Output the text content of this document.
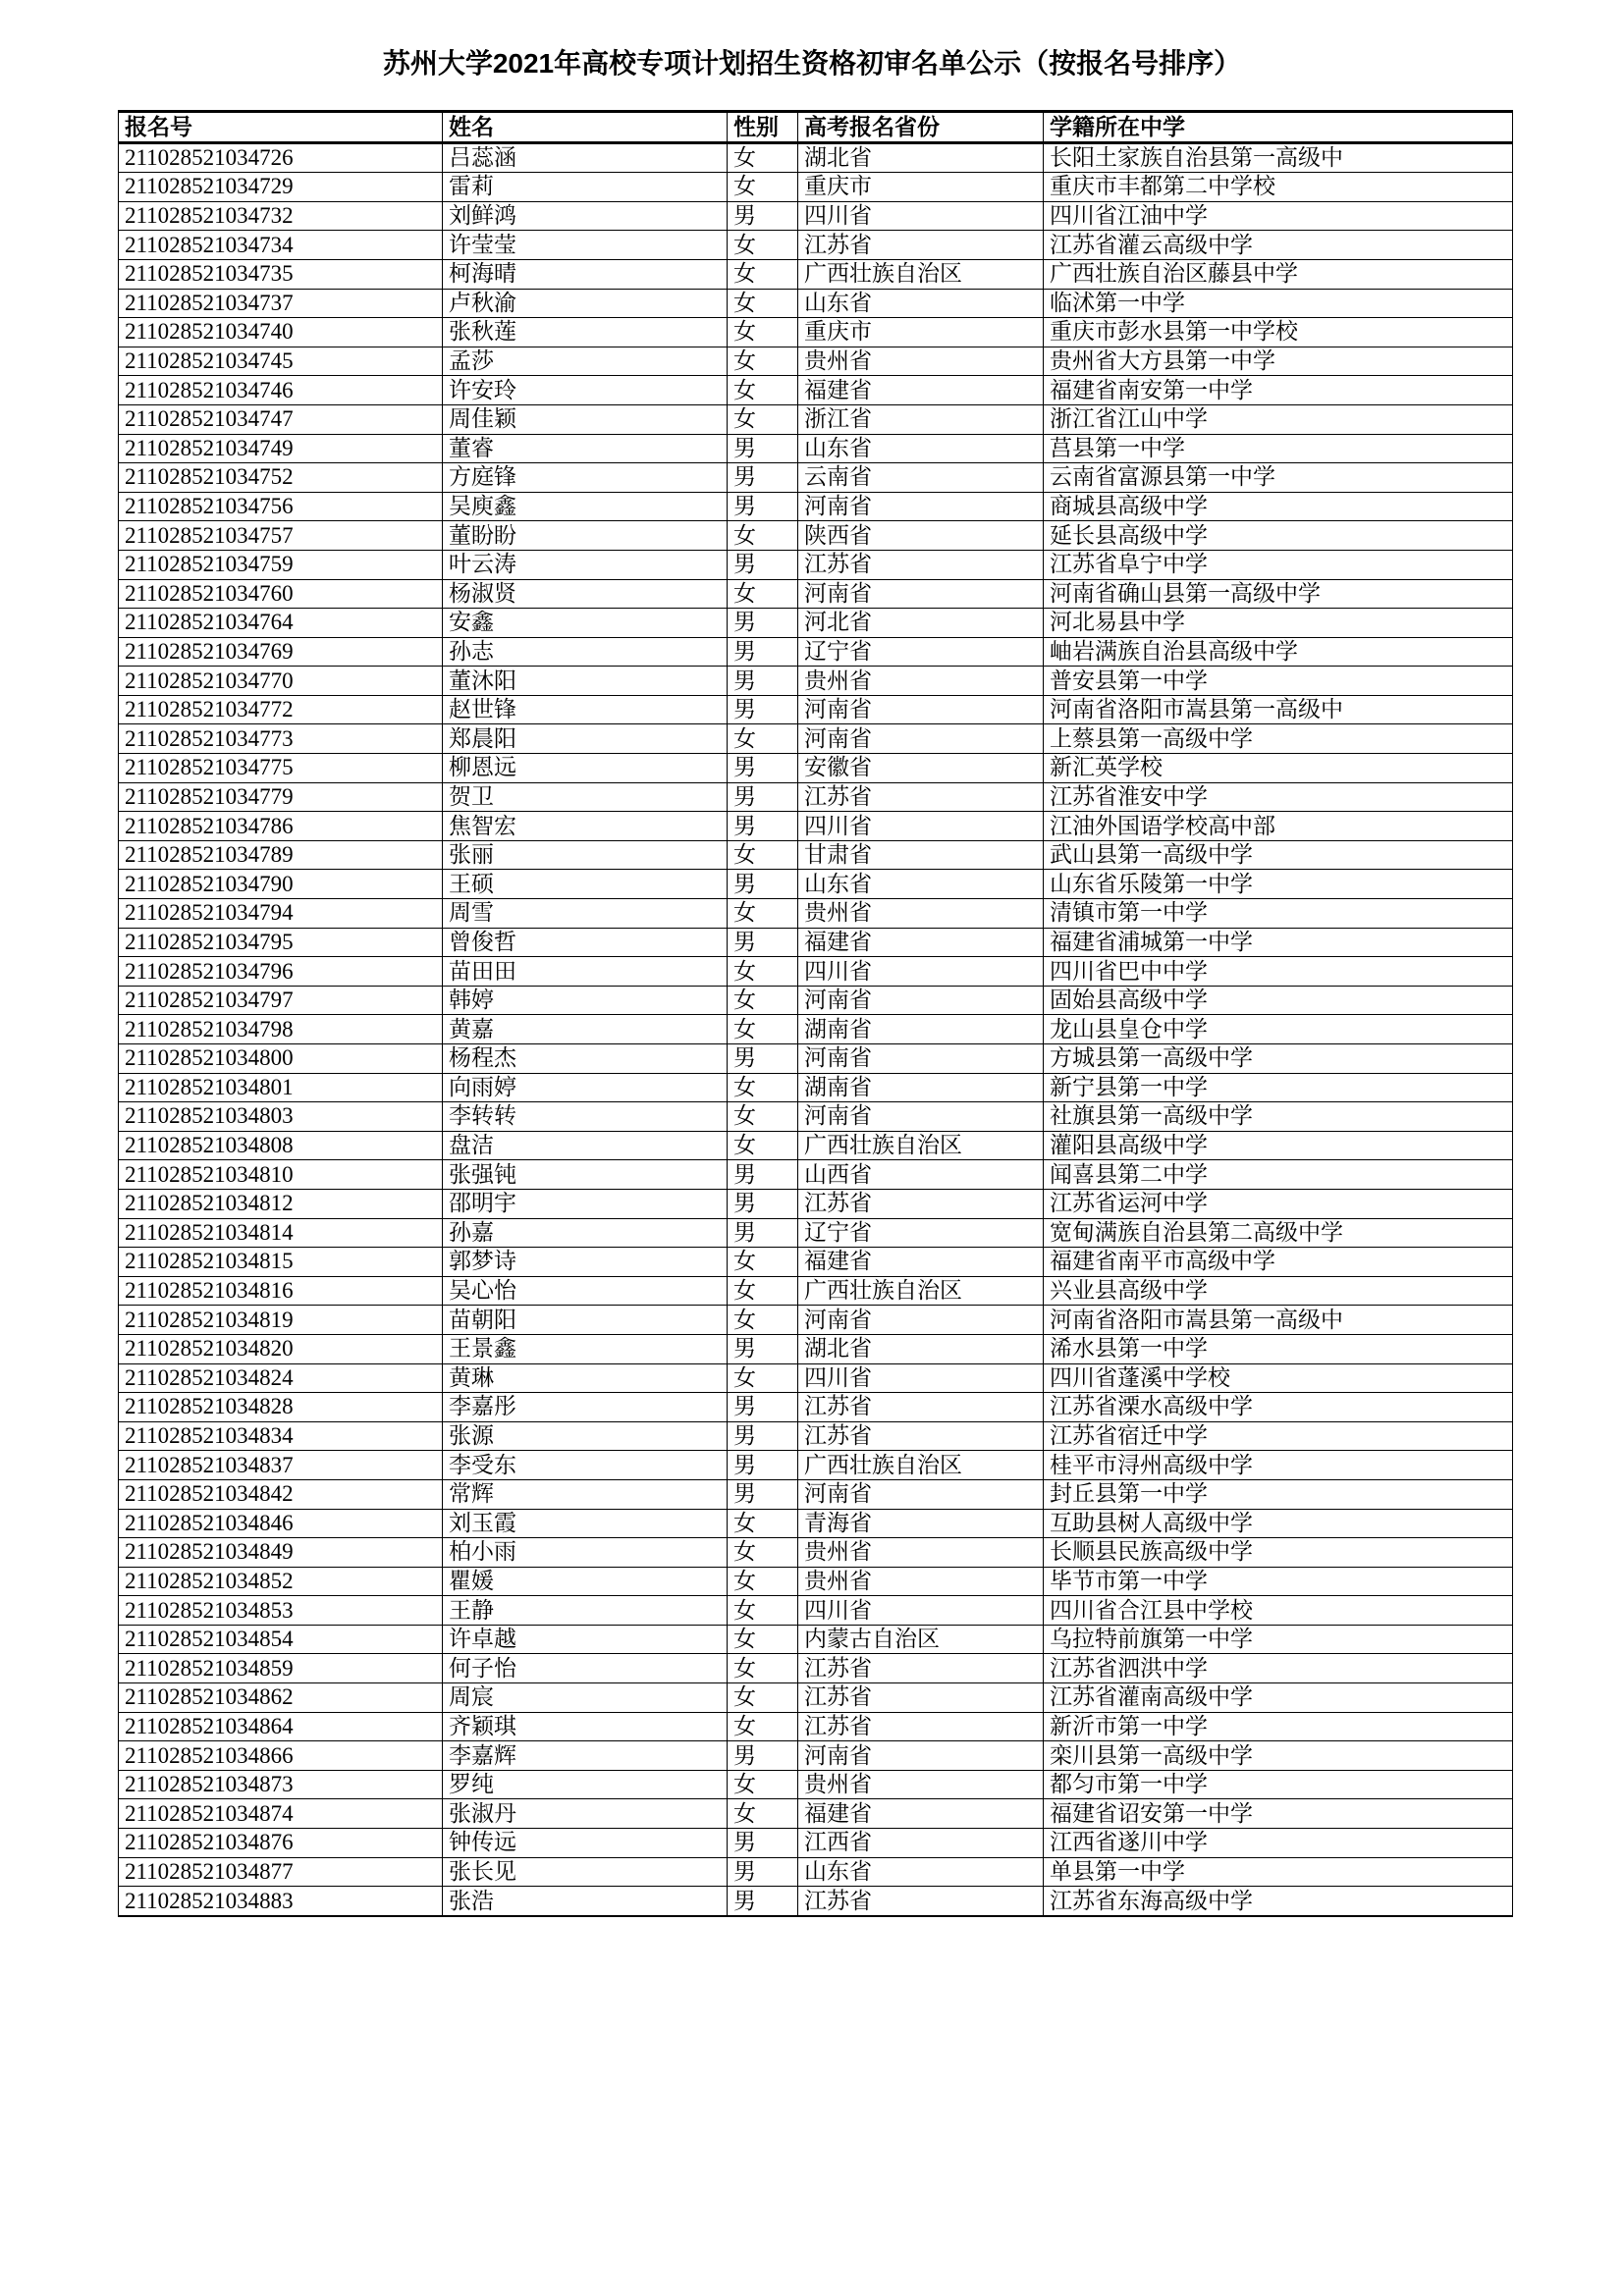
苏州大学2021年高校专项计划招生资格初审名单公示（按报名号排序）
报名号	姓名	性别	高考报名省份	学籍所在中学
211028521034726	吕蕊涵	女	湖北省	长阳土家族自治县第一高级中
211028521034729	雷莉	女	重庆市	重庆市丰都第二中学校
211028521034732	刘鲜鸿	男	四川省	四川省江油中学
211028521034734	许莹莹	女	江苏省	江苏省灌云高级中学
211028521034735	柯海晴	女	广西壮族自治区	广西壮族自治区藤县中学
211028521034737	卢秋渝	女	山东省	临沭第一中学
211028521034740	张秋莲	女	重庆市	重庆市彭水县第一中学校
211028521034745	孟莎	女	贵州省	贵州省大方县第一中学
211028521034746	许安玲	女	福建省	福建省南安第一中学
211028521034747	周佳颖	女	浙江省	浙江省江山中学
211028521034749	董睿	男	山东省	莒县第一中学
211028521034752	方庭锋	男	云南省	云南省富源县第一中学
211028521034756	吴庾鑫	男	河南省	商城县高级中学
211028521034757	董盼盼	女	陕西省	延长县高级中学
211028521034759	叶云涛	男	江苏省	江苏省阜宁中学
211028521034760	杨淑贤	女	河南省	河南省确山县第一高级中学
211028521034764	安鑫	男	河北省	河北易县中学
211028521034769	孙志	男	辽宁省	岫岩满族自治县高级中学
211028521034770	董沐阳	男	贵州省	普安县第一中学
211028521034772	赵世锋	男	河南省	河南省洛阳市嵩县第一高级中
211028521034773	郑晨阳	女	河南省	上蔡县第一高级中学
211028521034775	柳恩远	男	安徽省	新汇英学校
211028521034779	贺卫	男	江苏省	江苏省淮安中学
211028521034786	焦智宏	男	四川省	江油外国语学校高中部
211028521034789	张丽	女	甘肃省	武山县第一高级中学
211028521034790	王硕	男	山东省	山东省乐陵第一中学
211028521034794	周雪	女	贵州省	清镇市第一中学
211028521034795	曾俊哲	男	福建省	福建省浦城第一中学
211028521034796	苗田田	女	四川省	四川省巴中中学
211028521034797	韩婷	女	河南省	固始县高级中学
211028521034798	黄嘉	女	湖南省	龙山县皇仓中学
211028521034800	杨程杰	男	河南省	方城县第一高级中学
211028521034801	向雨婷	女	湖南省	新宁县第一中学
211028521034803	李转转	女	河南省	社旗县第一高级中学
211028521034808	盘洁	女	广西壮族自治区	灌阳县高级中学
211028521034810	张强钝	男	山西省	闻喜县第二中学
211028521034812	邵明宇	男	江苏省	江苏省运河中学
211028521034814	孙嘉	男	辽宁省	宽甸满族自治县第二高级中学
211028521034815	郭梦诗	女	福建省	福建省南平市高级中学
211028521034816	吴心怡	女	广西壮族自治区	兴业县高级中学
211028521034819	苗朝阳	女	河南省	河南省洛阳市嵩县第一高级中
211028521034820	王景鑫	男	湖北省	浠水县第一中学
211028521034824	黄琳	女	四川省	四川省蓬溪中学校
211028521034828	李嘉彤	男	江苏省	江苏省溧水高级中学
211028521034834	张源	男	江苏省	江苏省宿迁中学
211028521034837	李受东	男	广西壮族自治区	桂平市浔州高级中学
211028521034842	常辉	男	河南省	封丘县第一中学
211028521034846	刘玉霞	女	青海省	互助县树人高级中学
211028521034849	柏小雨	女	贵州省	长顺县民族高级中学
211028521034852	瞿媛	女	贵州省	毕节市第一中学
211028521034853	王静	女	四川省	四川省合江县中学校
211028521034854	许卓越	女	内蒙古自治区	乌拉特前旗第一中学
211028521034859	何子怡	女	江苏省	江苏省泗洪中学
211028521034862	周宸	女	江苏省	江苏省灌南高级中学
211028521034864	齐颖琪	女	江苏省	新沂市第一中学
211028521034866	李嘉辉	男	河南省	栾川县第一高级中学
211028521034873	罗纯	女	贵州省	都匀市第一中学
211028521034874	张淑丹	女	福建省	福建省诏安第一中学
211028521034876	钟传远	男	江西省	江西省遂川中学
211028521034877	张长见	男	山东省	单县第一中学
211028521034883	张浩	男	江苏省	江苏省东海高级中学
